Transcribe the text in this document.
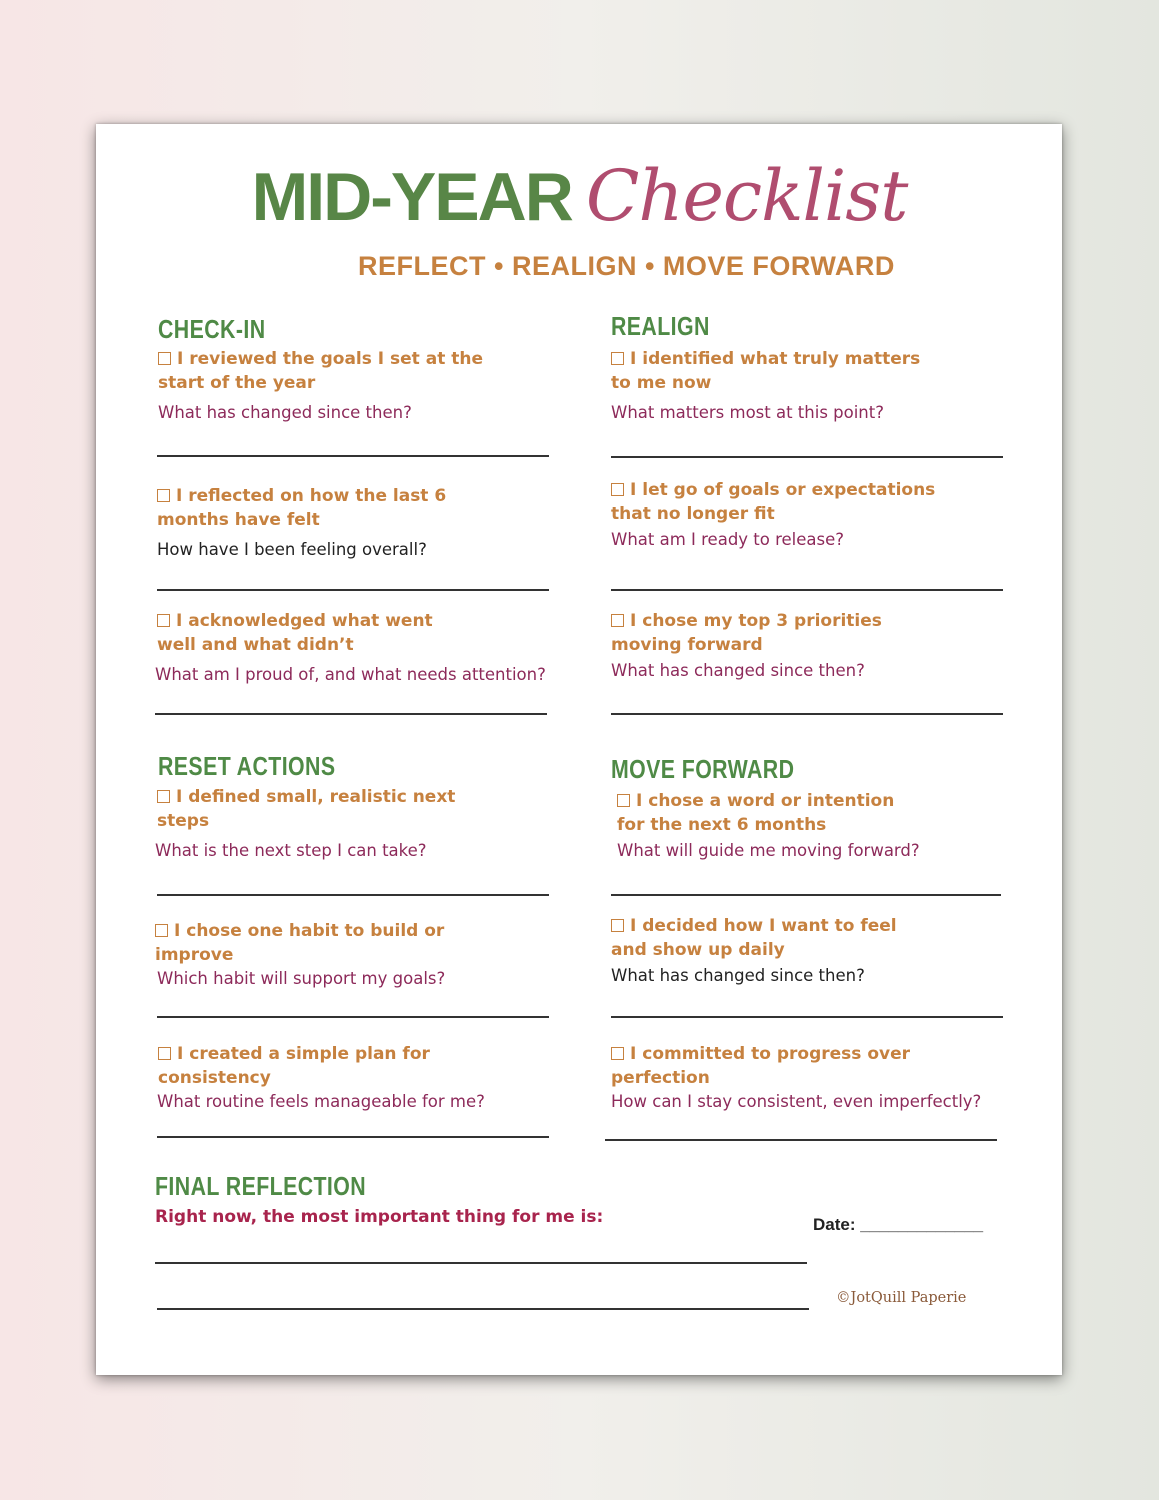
MID-YEAR Checklist
REFLECT • REALIGN • MOVE FORWARD
CHECK-IN
I reviewed the goals I set at the start of the year
What has changed since then?
I reflected on how the last 6 months have felt
How have I been feeling overall?
I acknowledged what went well and what didn’t
What am I proud of, and what needs attention?
REALIGN
I identified what truly matters to me now
What matters most at this point?
I let go of goals or expectations that no longer fit
What am I ready to release?
I chose my top 3 priorities moving forward
What has changed since then?
RESET ACTIONS
I defined small, realistic next steps
What is the next step I can take?
I chose one habit to build or improve
Which habit will support my goals?
I created a simple plan for consistency
What routine feels manageable for me?
MOVE FORWARD
I chose a word or intention for the next 6 months
What will guide me moving forward?
I decided how I want to feel and show up daily
What has changed since then?
I committed to progress over perfection
How can I stay consistent, even imperfectly?
FINAL REFLECTION
Right now, the most important thing for me is:	Date: _____________
©JotQuill Paperie
